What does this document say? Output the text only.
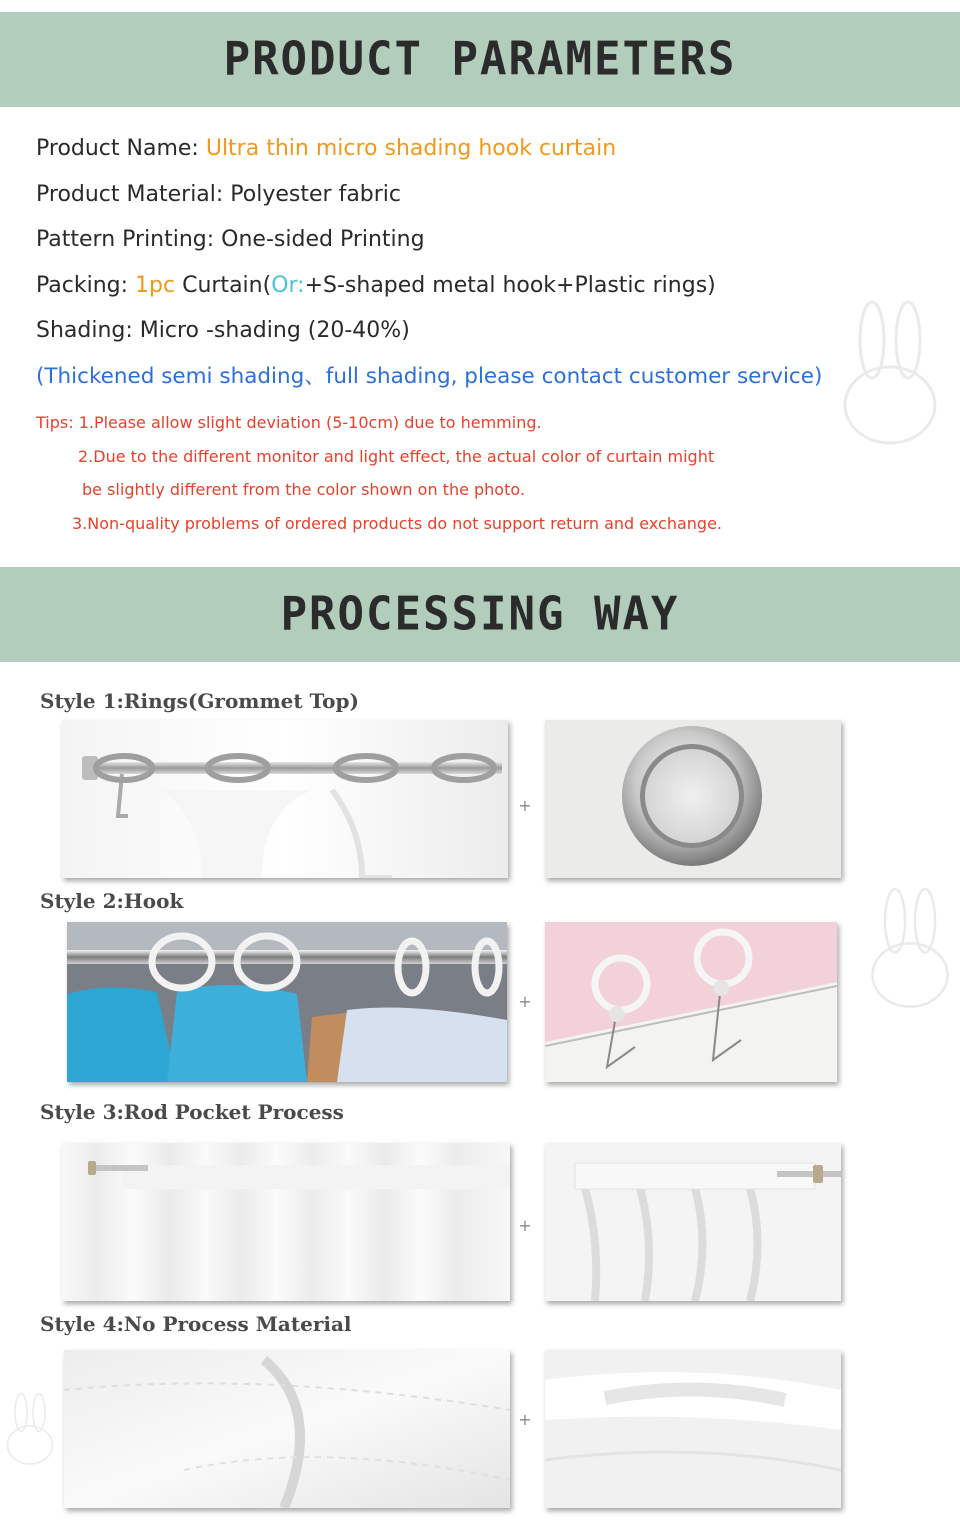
PRODUCT PARAMETERS
Product Name: Ultra thin micro shading hook curtain
Product Material: Polyester fabric
Pattern Printing: One-sided Printing
Packing: 1pc Curtain(Or:+S-shaped metal hook+Plastic rings)
Shading: Micro -shading (20-40%)
(Thickened semi shading、full shading, please contact customer service)
Tips: 1.Please allow slight deviation (5-10cm) due to hemming.
2.Due to the different monitor and light effect, the actual color of curtain might
be slightly different from the color shown on the photo.
3.Non-quality problems of ordered products do not support return and exchange.
PROCESSING WAY
Style 1:Rings(Grommet Top)
+
Style 2:Hook
+
Style 3:Rod Pocket Process
+
Style 4:No Process Material
+
